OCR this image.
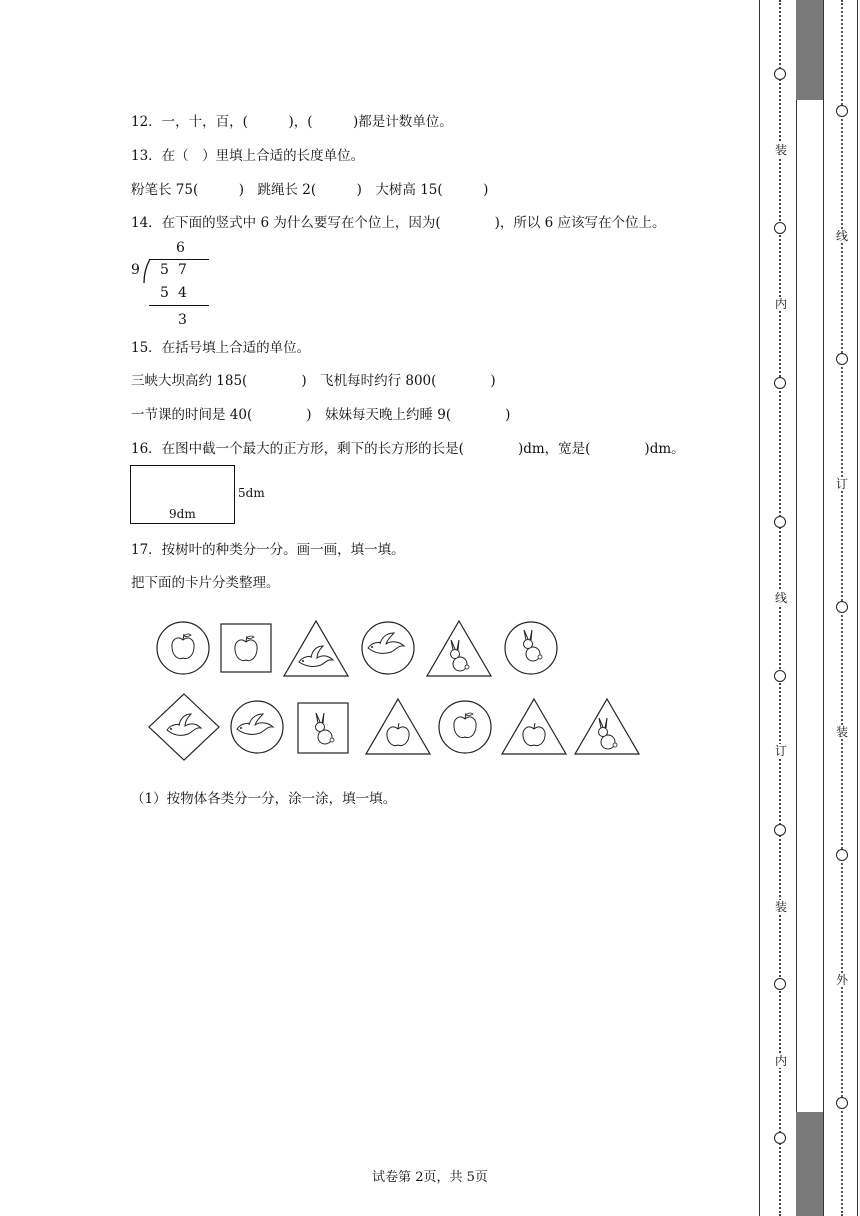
12．一，十，百，(　　　)，(　　　)都是计数单位。
13．在（　）里填上合适的长度单位。
粉笔长 75(　　　)　跳绳长 2(　　　)　大树高 15(　　　)
14．在下面的竖式中 6 为什么要写在个位上，因为(　　　　)，所以 6 应该写在个位上。
6
9 5 7
5 4
3
15．在括号填上合适的单位。
三峡大坝高约 185(　　　　)　飞机每时约行 800(　　　　)
一节课的时间是 40(　　　　)　妹妹每天晚上约睡 9(　　　　)
16．在图中截一个最大的正方形，剩下的长方形的长是(　　　　)dm，宽是(　　　　)dm。
9dm
5dm
17．按树叶的种类分一分。画一画，填一填。
把下面的卡片分类整理。
（1）按物体各类分一分，涂一涂，填一填。
试卷第 2页，共 5页
装
内
线
订
装
内
线
订
装
外
